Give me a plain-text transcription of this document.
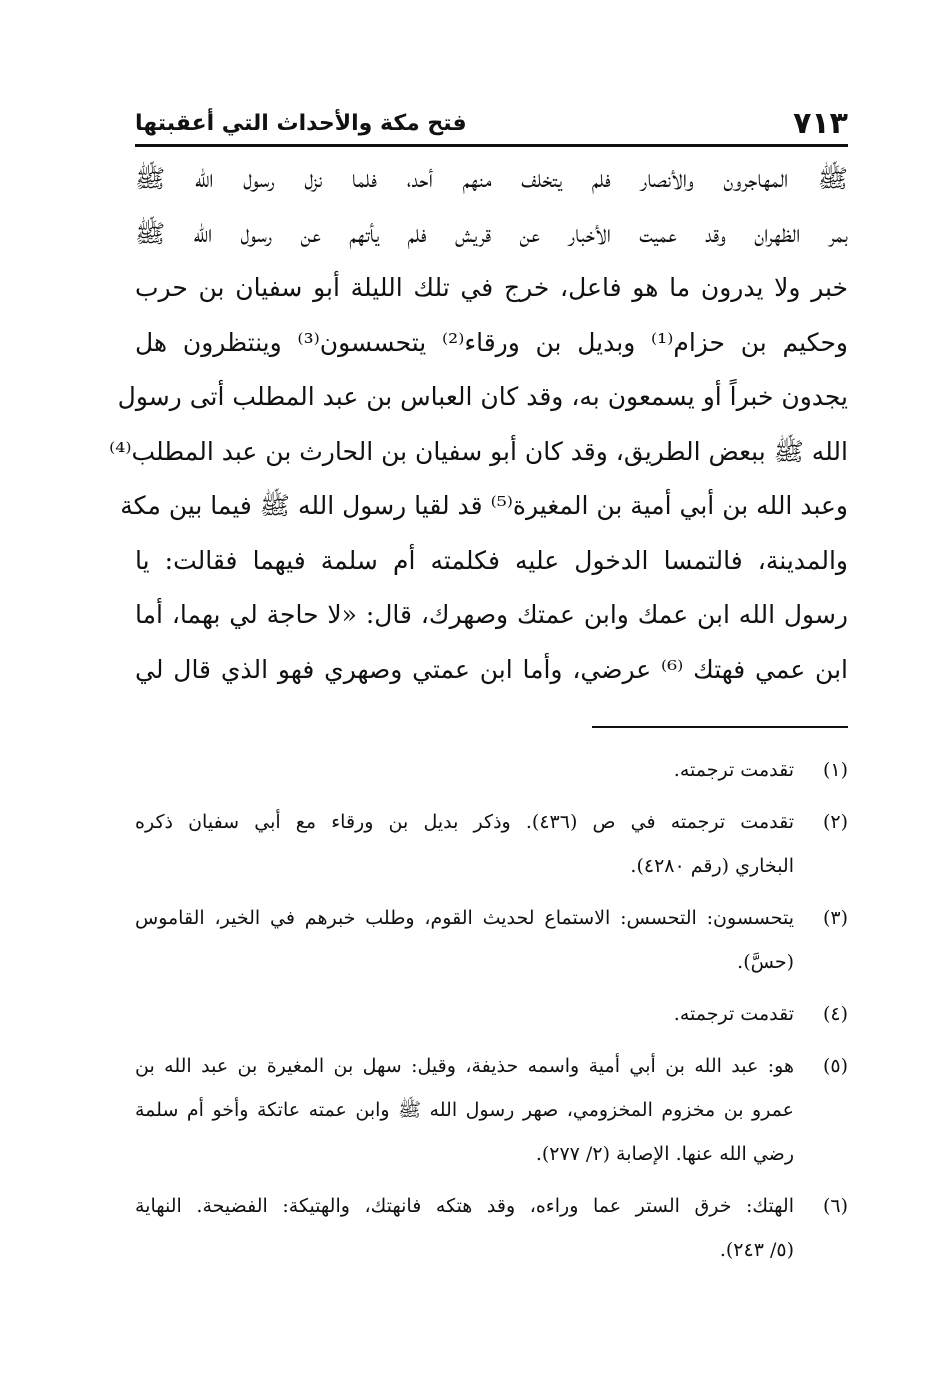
٧١٣
فتح مكة والأحداث التي أعقبتها
ﷺ المهاجرون والأنصار فلم يتخلف منهم أحد، فلما نزل رسول الله ﷺ
بمر الظهران وقد عميت الأخبار عن قريش فلم يأتهم عن رسول الله ﷺ
خبر ولا يدرون ما هو فاعل، خرج في تلك الليلة أبو سفيان بن حرب
وحكيم بن حزام⁽¹⁾ وبديل بن ورقاء⁽²⁾ يتحسسون⁽³⁾ وينتظرون هل
يجدون خبراً أو يسمعون به، وقد كان العباس بن عبد المطلب أتى رسول
الله ﷺ ببعض الطريق، وقد كان أبو سفيان بن الحارث بن عبد المطلب⁽⁴⁾
وعبد الله بن أبي أمية بن المغيرة⁽⁵⁾ قد لقيا رسول الله ﷺ فيما بين مكة
والمدينة، فالتمسا الدخول عليه فكلمته أم سلمة فيهما فقالت: يا
رسول الله ابن عمك وابن عمتك وصهرك، قال: «لا حاجة لي بهما، أما
ابن عمي فهتك ⁽⁶⁾ عرضي، وأما ابن عمتي وصهري فهو الذي قال لي
(١)
تقدمت ترجمته.
(٢)
تقدمت ترجمته في ص (٤٣٦). وذكر بديل بن ورقاء مع أبي سفيان ذكره
البخاري (رقم ٤٢٨٠).
(٣)
يتحسسون: التحسس: الاستماع لحديث القوم، وطلب خبرهم في الخير، القاموس
(حسَّ).
(٤)
تقدمت ترجمته.
(٥)
هو: عبد الله بن أبي أمية واسمه حذيفة، وقيل: سهل بن المغيرة بن عبد الله بن
عمرو بن مخزوم المخزومي، صهر رسول الله ﷺ وابن عمته عاتكة وأخو أم سلمة
رضي الله عنها. الإصابة (٢/ ٢٧٧).
(٦)
الهتك: خرق الستر عما وراءه، وقد هتكه فانهتك، والهتيكة: الفضيحة. النهاية
(٥/ ٢٤٣).
